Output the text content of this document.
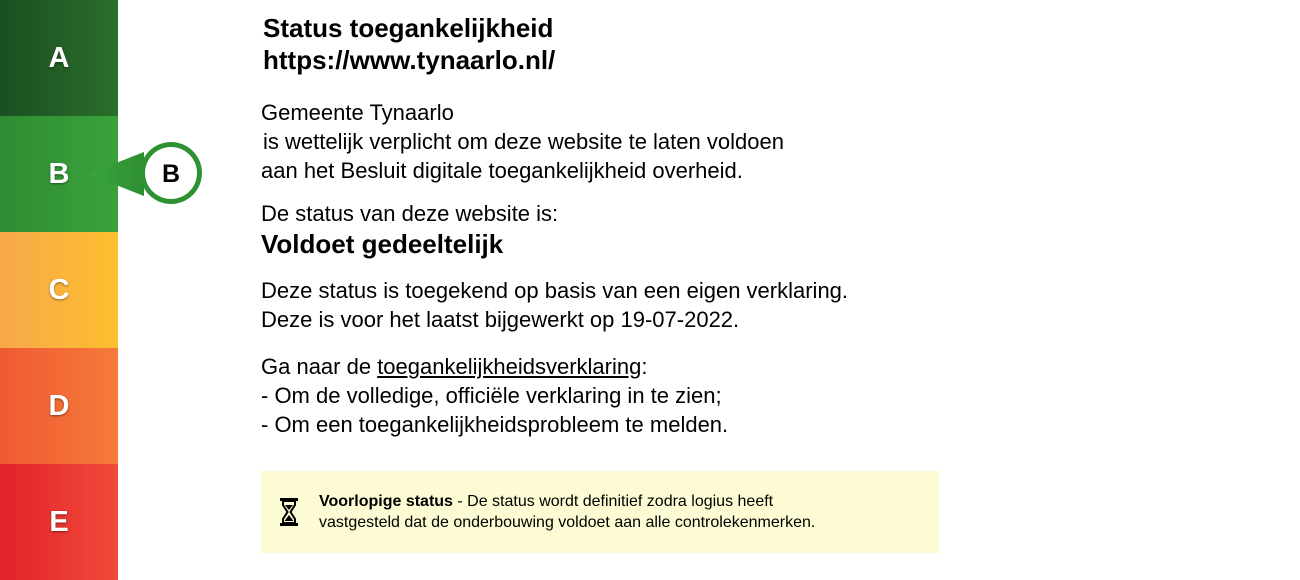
A
B
C
D
E
B
Status toegankelijkheid
https://www.tynaarlo.nl/

Gemeente Tynaarlo

is wettelijk verplicht om deze website te laten voldoen

aan het Besluit digitale toegankelijkheid overheid.

De status van deze website is:

Voldoet gedeeltelijk

Deze status is toegekend op basis van een eigen verklaring.

Deze is voor het laatst bijgewerkt op 19-07-2022.

Ga naar de toegankelijkheidsverklaring:

- Om de volledige, officiële verklaring in te zien;

- Om een toegankelijkheidsprobleem te melden.

Voorlopige status - De status wordt definitief zodra logius heeft
vastgesteld dat de onderbouwing voldoet aan alle controlekenmerken.
